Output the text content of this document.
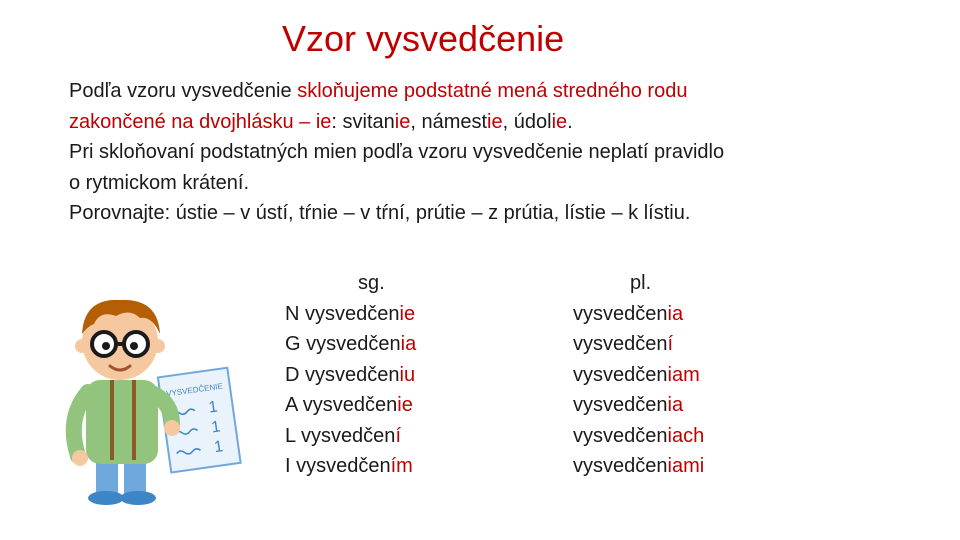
Vzor vysvedčenie
Podľa vzoru vysvedčenie skloňujeme podstatné mená stredného rodu
zakončené na dvojhlásku – ie: svitanie, námestie, údolie.
Pri skloňovaní podstatných mien podľa vzoru vysvedčenie neplatí pravidlo
o rytmickom krátení.
Porovnajte: ústie – v ústí, tŕnie – v tŕní, prútie – z prútia, lístie – k lístiu.
sg.
N vysvedčenie
G vysvedčenia
D vysvedčeniu
A vysvedčenie
L vysvedčení
I vysvedčením
pl.
vysvedčenia
vysvedčení
vysvedčeniam
vysvedčenia
vysvedčeniach
vysvedčeniami
VYSVEDČENIE
1
1
1
